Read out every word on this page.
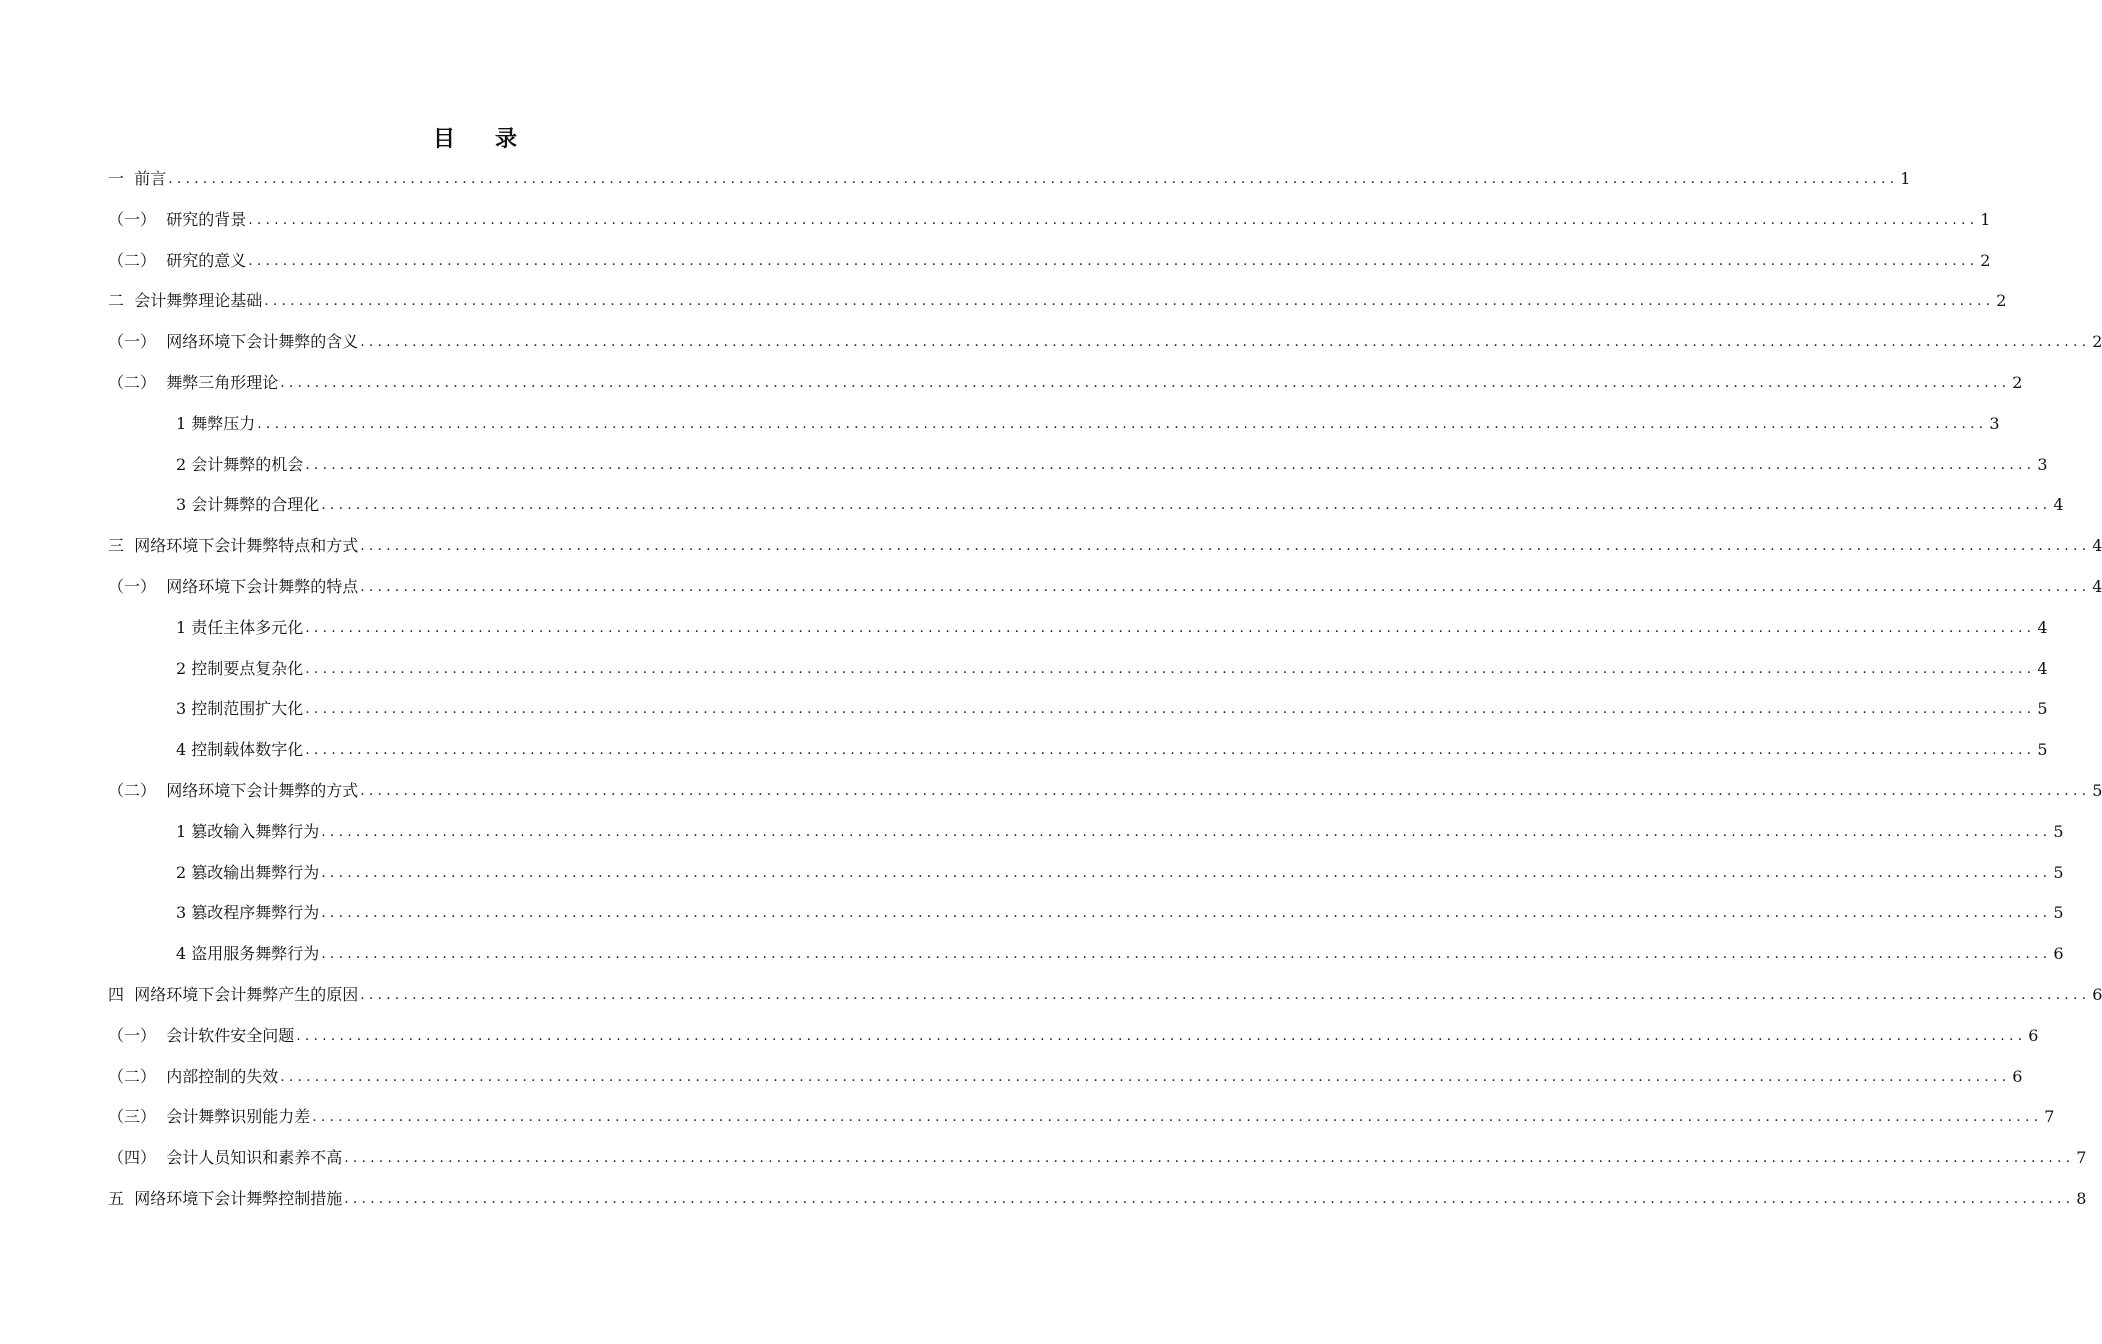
目 录
一 前言 ........................................................................................................................................................................................................ 1
（一） 研究的背景 ........................................................................................................................................................................................................ 1
（二） 研究的意义 ........................................................................................................................................................................................................ 2
二 会计舞弊理论基础 ........................................................................................................................................................................................................ 2
（一） 网络环境下会计舞弊的含义 ........................................................................................................................................................................................................ 2
（二） 舞弊三角形理论 ........................................................................................................................................................................................................ 2
1 舞弊压力 ........................................................................................................................................................................................................ 3
2 会计舞弊的机会 ........................................................................................................................................................................................................ 3
3 会计舞弊的合理化 ........................................................................................................................................................................................................ 4
三 网络环境下会计舞弊特点和方式 ........................................................................................................................................................................................................ 4
（一） 网络环境下会计舞弊的特点 ........................................................................................................................................................................................................ 4
1 责任主体多元化 ........................................................................................................................................................................................................ 4
2 控制要点复杂化 ........................................................................................................................................................................................................ 4
3 控制范围扩大化 ........................................................................................................................................................................................................ 5
4 控制载体数字化 ........................................................................................................................................................................................................ 5
（二） 网络环境下会计舞弊的方式 ........................................................................................................................................................................................................ 5
1 篡改输入舞弊行为 ........................................................................................................................................................................................................ 5
2 篡改输出舞弊行为 ........................................................................................................................................................................................................ 5
3 篡改程序舞弊行为 ........................................................................................................................................................................................................ 5
4 盗用服务舞弊行为 ........................................................................................................................................................................................................ 6
四 网络环境下会计舞弊产生的原因 ........................................................................................................................................................................................................ 6
（一） 会计软件安全问题 ........................................................................................................................................................................................................ 6
（二） 内部控制的失效 ........................................................................................................................................................................................................ 6
（三） 会计舞弊识别能力差 ........................................................................................................................................................................................................ 7
（四） 会计人员知识和素养不高 ........................................................................................................................................................................................................ 7
五 网络环境下会计舞弊控制措施 ........................................................................................................................................................................................................ 8
